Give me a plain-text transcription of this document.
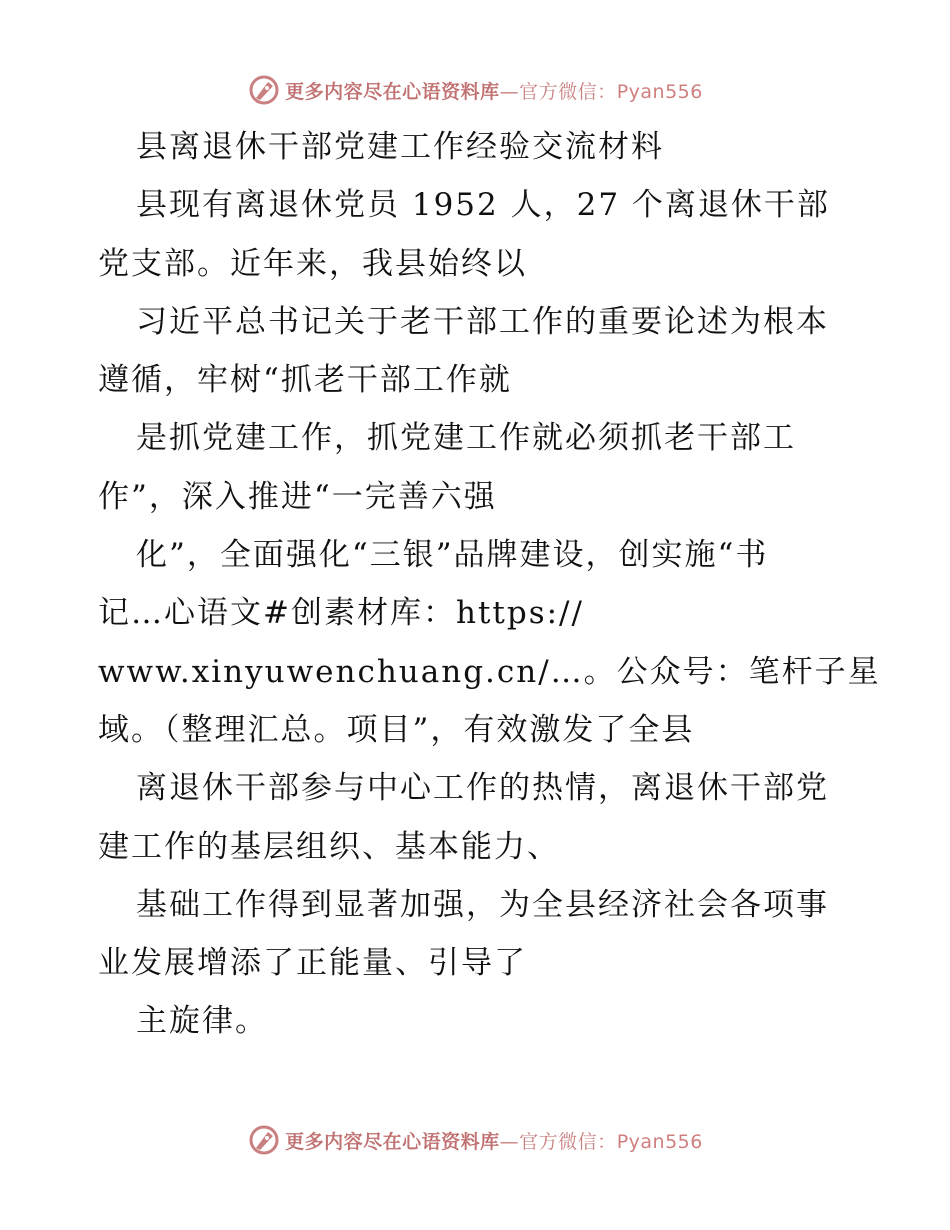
更多内容尽在心语资料库—官方微信：Pyan556
县离退休干部党建工作经验交流材料
县现有离退休党员 1952 人，27 个离退休干部
党支部。近年来，我县始终以
习近平总书记关于老干部工作的重要论述为根本
遵循，牢树“抓老干部工作就
是抓党建工作，抓党建工作就必须抓老干部工
作”，深入推进“一完善六强
化”，全面强化“三银”品牌建设，创实施“书
记…心语文#创素材库：https://
www.xinyuwenchuang.cn/…。公众号：笔杆子星
域。（整理汇总。项目”，有效激发了全县
离退休干部参与中心工作的热情，离退休干部党
建工作的基层组织、基本能力、
基础工作得到显著加强，为全县经济社会各项事
业发展增添了正能量、引导了
主旋律。
更多内容尽在心语资料库—官方微信：Pyan556
